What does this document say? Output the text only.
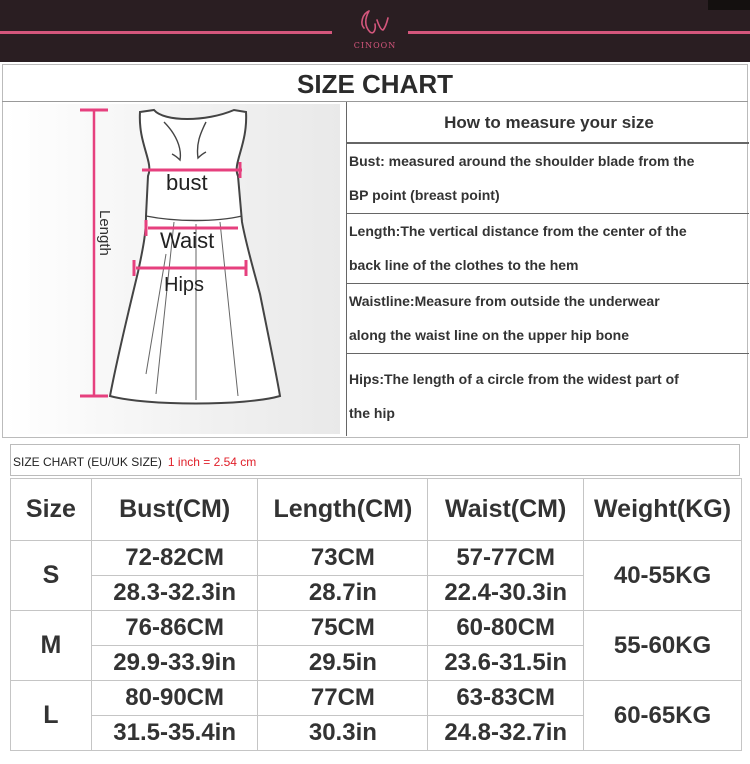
CINOON
SIZE CHART
Length
bust
Waist
Hips
How to measure your size
Bust: measured around the shoulder blade from the
BP point (breast point)
Length:The vertical distance from the center of the
back line of the clothes to the hem
Waistline:Measure from outside the underwear
along the waist line on the upper hip bone
Hips:The length of a circle from the widest part of
the hip
SIZE CHART (EU/UK SIZE) 1 inch = 2.54 cm
Size	Bust(CM)	Length(CM)	Waist(CM)	Weight(KG)
S	72-82CM	73CM	57-77CM	40-55KG
	28.3-32.3in	28.7in	22.4-30.3in	
M	76-86CM	75CM	60-80CM	55-60KG
	29.9-33.9in	29.5in	23.6-31.5in	
L	80-90CM	77CM	63-83CM	60-65KG
	31.5-35.4in	30.3in	24.8-32.7in	
